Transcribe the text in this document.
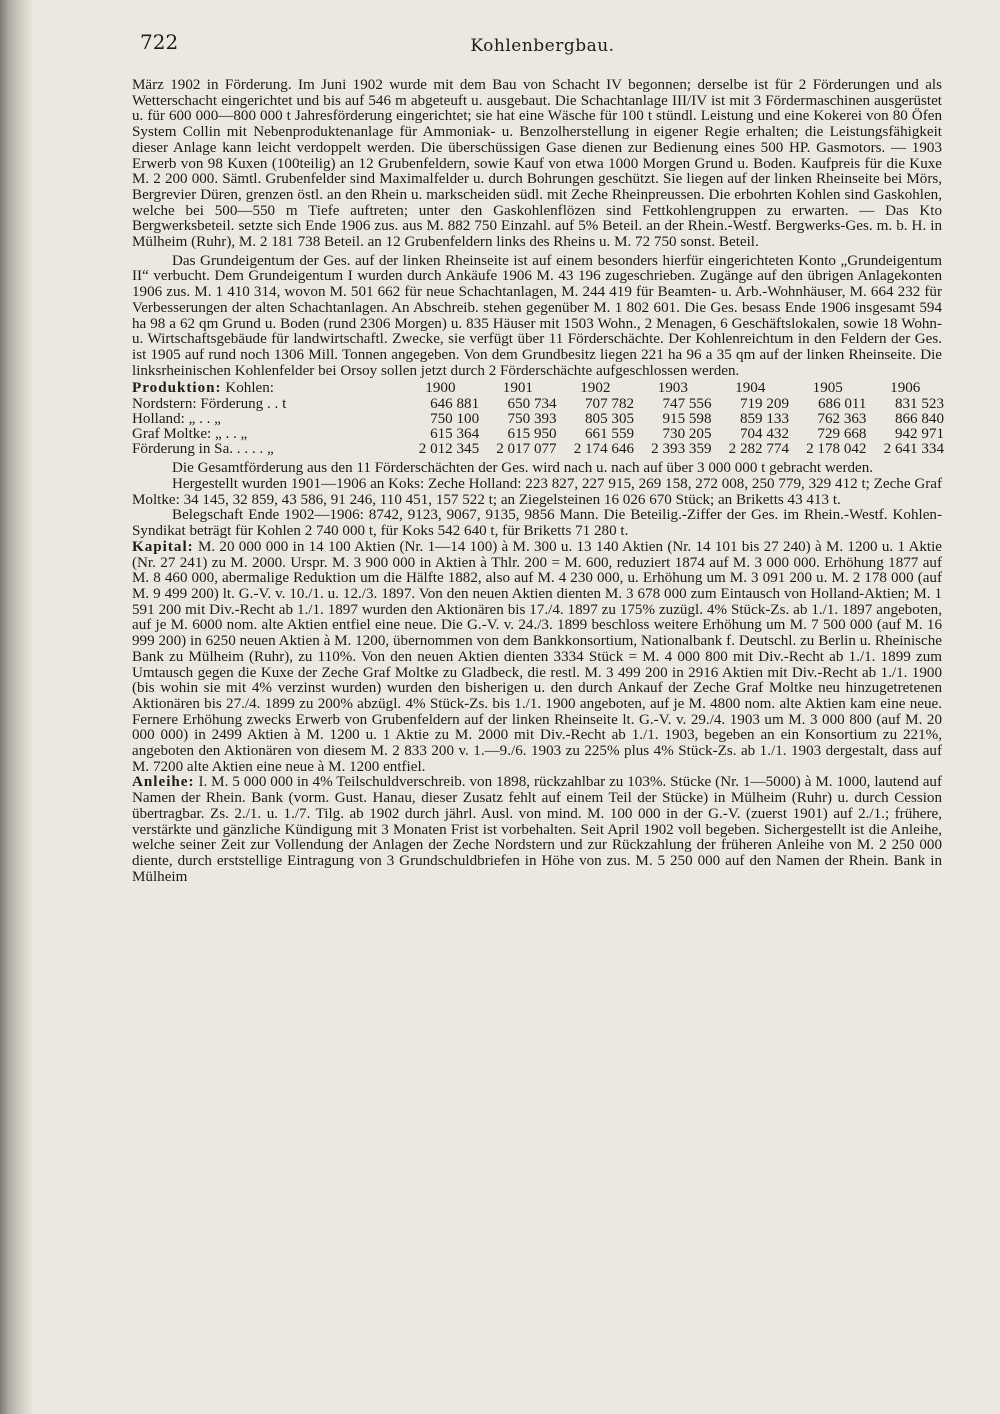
722	Kohlenbergbau.

März 1902 in Förderung. Im Juni 1902 wurde mit dem Bau von Schacht IV begonnen; derselbe ist für 2 Förderungen und als Wetterschacht eingerichtet und bis auf 546 m abgeteuft u. ausgebaut. Die Schachtanlage III/IV ist mit 3 Fördermaschinen ausgerüstet u. für 600 000—800 000 t Jahresförderung eingerichtet; sie hat eine Wäsche für 100 t stündl. Leistung und eine Kokerei von 80 Öfen System Collin mit Nebenproduktenanlage für Ammoniak- u. Benzolherstellung in eigener Regie erhalten; die Leistungsfähigkeit dieser Anlage kann leicht verdoppelt werden. Die überschüssigen Gase dienen zur Bedienung eines 500 HP. Gasmotors. — 1903 Erwerb von 98 Kuxen (100teilig) an 12 Grubenfeldern, sowie Kauf von etwa 1000 Morgen Grund u. Boden. Kaufpreis für die Kuxe M. 2 200 000. Sämtl. Grubenfelder sind Maximalfelder u. durch Bohrungen geschützt. Sie liegen auf der linken Rheinseite bei Mörs, Bergrevier Düren, grenzen östl. an den Rhein u. markscheiden südl. mit Zeche Rheinpreussen. Die erbohrten Kohlen sind Gaskohlen, welche bei 500—550 m Tiefe auftreten; unter den Gaskohlenflözen sind Fettkohlengruppen zu erwarten. — Das Kto Bergwerksbeteil. setzte sich Ende 1906 zus. aus M. 882 750 Einzahl. auf 5% Beteil. an der Rhein.-Westf. Bergwerks-Ges. m. b. H. in Mülheim (Ruhr), M. 2 181 738 Beteil. an 12 Grubenfeldern links des Rheins u. M. 72 750 sonst. Beteil.

Das Grundeigentum der Ges. auf der linken Rheinseite ist auf einem besonders hierfür eingerichteten Konto „Grundeigentum II“ verbucht. Dem Grundeigentum I wurden durch Ankäufe 1906 M. 43 196 zugeschrieben. Zugänge auf den übrigen Anlagekonten 1906 zus. M. 1 410 314, wovon M. 501 662 für neue Schachtanlagen, M. 244 419 für Beamten- u. Arb.-Wohnhäuser, M. 664 232 für Verbesserungen der alten Schachtanlagen. An Abschreib. stehen gegenüber M. 1 802 601. Die Ges. besass Ende 1906 insgesamt 594 ha 98 a 62 qm Grund u. Boden (rund 2306 Morgen) u. 835 Häuser mit 1503 Wohn., 2 Menagen, 6 Geschäftslokalen, sowie 18 Wohn- u. Wirtschaftsgebäude für landwirtschaftl. Zwecke, sie verfügt über 11 Förderschächte. Der Kohlenreichtum in den Feldern der Ges. ist 1905 auf rund noch 1306 Mill. Tonnen angegeben. Von dem Grundbesitz liegen 221 ha 96 a 35 qm auf der linken Rheinseite. Die linksrheinischen Kohlenfelder bei Orsoy sollen jetzt durch 2 Förderschächte aufgeschlossen werden.

Produktion: Kohlen:	1900	1901	1902	1903	1904	1905	1906
Nordstern: Förderung . . t	646 881	650 734	707 782	747 556	719 209	686 011	831 523
Holland: „ . . „	750 100	750 393	805 305	915 598	859 133	762 363	866 840
Graf Moltke: „ . . „	615 364	615 950	661 559	730 205	704 432	729 668	942 971
Förderung in Sa. . . . . „	2 012 345	2 017 077	2 174 646	2 393 359	2 282 774	2 178 042	2 641 334

Die Gesamtförderung aus den 11 Förderschächten der Ges. wird nach u. nach auf über 3 000 000 t gebracht werden.

Hergestellt wurden 1901—1906 an Koks: Zeche Holland: 223 827, 227 915, 269 158, 272 008, 250 779, 329 412 t; Zeche Graf Moltke: 34 145, 32 859, 43 586, 91 246, 110 451, 157 522 t; an Ziegelsteinen 16 026 670 Stück; an Briketts 43 413 t.

Belegschaft Ende 1902—1906: 8742, 9123, 9067, 9135, 9856 Mann. Die Beteilig.-Ziffer der Ges. im Rhein.-Westf. Kohlen-Syndikat beträgt für Kohlen 2 740 000 t, für Koks 542 640 t, für Briketts 71 280 t.

Kapital: M. 20 000 000 in 14 100 Aktien (Nr. 1—14 100) à M. 300 u. 13 140 Aktien (Nr. 14 101 bis 27 240) à M. 1200 u. 1 Aktie (Nr. 27 241) zu M. 2000. Urspr. M. 3 900 000 in Aktien à Thlr. 200 = M. 600, reduziert 1874 auf M. 3 000 000. Erhöhung 1877 auf M. 8 460 000, abermalige Reduktion um die Hälfte 1882, also auf M. 4 230 000, u. Erhöhung um M. 3 091 200 u. M. 2 178 000 (auf M. 9 499 200) lt. G.-V. v. 10./1. u. 12./3. 1897. Von den neuen Aktien dienten M. 3 678 000 zum Eintausch von Holland-Aktien; M. 1 591 200 mit Div.-Recht ab 1./1. 1897 wurden den Aktionären bis 17./4. 1897 zu 175% zuzügl. 4% Stück-Zs. ab 1./1. 1897 angeboten, auf je M. 6000 nom. alte Aktien entfiel eine neue. Die G.-V. v. 24./3. 1899 beschloss weitere Erhöhung um M. 7 500 000 (auf M. 16 999 200) in 6250 neuen Aktien à M. 1200, übernommen von dem Bankkonsortium, Nationalbank f. Deutschl. zu Berlin u. Rheinische Bank zu Mülheim (Ruhr), zu 110%. Von den neuen Aktien dienten 3334 Stück = M. 4 000 800 mit Div.-Recht ab 1./1. 1899 zum Umtausch gegen die Kuxe der Zeche Graf Moltke zu Gladbeck, die restl. M. 3 499 200 in 2916 Aktien mit Div.-Recht ab 1./1. 1900 (bis wohin sie mit 4% verzinst wurden) wurden den bisherigen u. den durch Ankauf der Zeche Graf Moltke neu hinzugetretenen Aktionären bis 27./4. 1899 zu 200% abzügl. 4% Stück-Zs. bis 1./1. 1900 angeboten, auf je M. 4800 nom. alte Aktien kam eine neue. Fernere Erhöhung zwecks Erwerb von Grubenfeldern auf der linken Rheinseite lt. G.-V. v. 29./4. 1903 um M. 3 000 800 (auf M. 20 000 000) in 2499 Aktien à M. 1200 u. 1 Aktie zu M. 2000 mit Div.-Recht ab 1./1. 1903, begeben an ein Konsortium zu 221%, angeboten den Aktionären von diesem M. 2 833 200 v. 1.—9./6. 1903 zu 225% plus 4% Stück-Zs. ab 1./1. 1903 dergestalt, dass auf M. 7200 alte Aktien eine neue à M. 1200 entfiel.

Anleihe: I. M. 5 000 000 in 4% Teilschuldverschreib. von 1898, rückzahlbar zu 103%. Stücke (Nr. 1—5000) à M. 1000, lautend auf Namen der Rhein. Bank (vorm. Gust. Hanau, dieser Zusatz fehlt auf einem Teil der Stücke) in Mülheim (Ruhr) u. durch Cession übertragbar. Zs. 2./1. u. 1./7. Tilg. ab 1902 durch jährl. Ausl. von mind. M. 100 000 in der G.-V. (zuerst 1901) auf 2./1.; frühere, verstärkte und gänzliche Kündigung mit 3 Monaten Frist ist vorbehalten. Seit April 1902 voll begeben. Sichergestellt ist die Anleihe, welche seiner Zeit zur Vollendung der Anlagen der Zeche Nordstern und zur Rückzahlung der früheren Anleihe von M. 2 250 000 diente, durch erststellige Eintragung von 3 Grundschuldbriefen in Höhe von zus. M. 5 250 000 auf den Namen der Rhein. Bank in Mülheim
